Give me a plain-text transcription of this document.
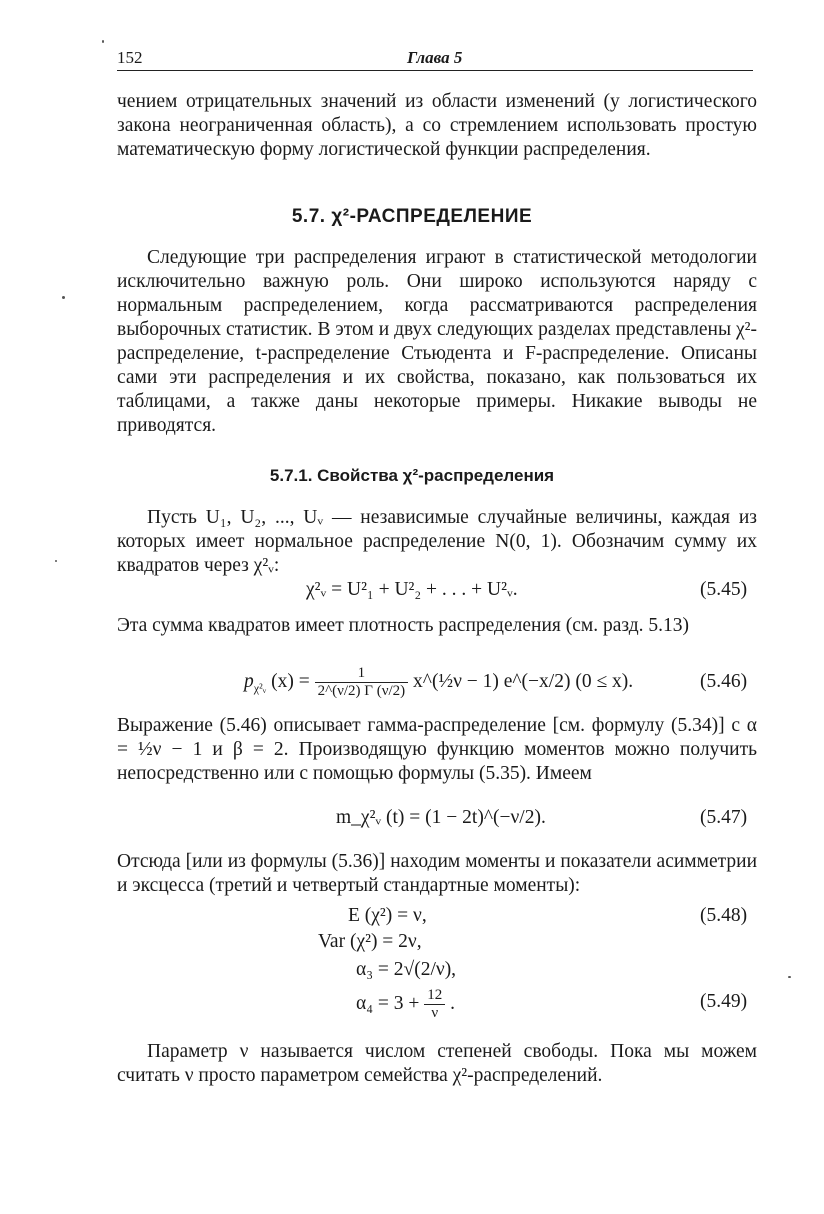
152	Глава 5

чением отрицательных значений из области изменений (у логистического закона неограниченная область), а со стремлением использовать простую математическую форму логистической функции распределения.

5.7. χ²-РАСПРЕДЕЛЕНИЕ

Следующие три распределения играют в статистической методологии исключительно важную роль. Они широко используются наряду с нормальным распределением, когда рассматриваются распределения выборочных статистик. В этом и двух следующих разделах представлены χ²-распределение, t-распределение Стьюдента и F-распределение. Описаны сами эти распределения и их свойства, показано, как пользоваться их таблицами, а также даны некоторые примеры. Никакие выводы не приводятся.

5.7.1. Свойства χ²-распределения

Пусть U₁, U₂, ..., Uᵥ — независимые случайные величины, каждая из которых имеет нормальное распределение N(0, 1). Обозначим сумму их квадратов через χ²ᵥ:

χ²ᵥ = U²₁ + U²₂ + . . . + U²ᵥ.	(5.45)

Эта сумма квадратов имеет плотность распределения (см. разд. 5.13)

$p_{\chi^2ᵥ}$ $(x) = \frac{1}{2\^{}(\nu/2) \Gamma (\nu/2)}$ x^(½ν − 1) e^(−x/2) (0 ≤ x).	(5.46)

Выражение (5.46) описывает гамма-распределение [см. формулу (5.34)] с α = ½ν − 1 и β = 2. Производящую функцию моментов можно получить непосредственно или с помощью формулы (5.35). Имеем

m_χ²ᵥ (t) = (1 − 2t)^(−ν/2).	(5.47)

Отсюда [или из формулы (5.36)] находим моменты и показатели асимметрии и эксцесса (третий и четвертый стандартные моменты):

E (χ²) = ν,	(5.48)
Var (χ²) = 2ν,
α₃ = 2√(2/ν),
$\alpha_4 = 3 + \frac{12}{\nu}$ .	(5.49)

Параметр ν называется числом степеней свободы. Пока мы можем считать ν просто параметром семейства χ²-распределений.
